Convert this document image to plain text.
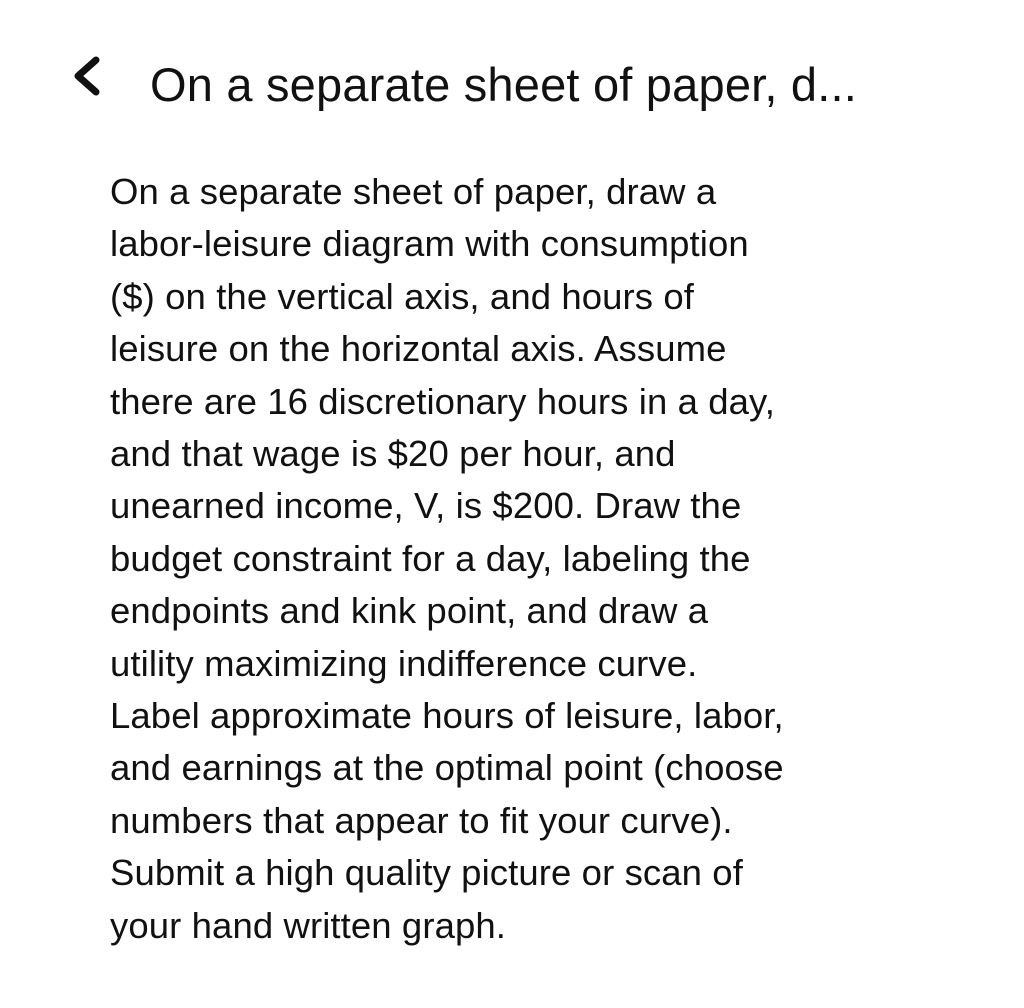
On a separate sheet of paper, d...
On a separate sheet of paper, draw a
labor-leisure diagram with consumption
($) on the vertical axis, and hours of
leisure on the horizontal axis. Assume
there are 16 discretionary hours in a day,
and that wage is $20 per hour, and
unearned income, V, is $200. Draw the
budget constraint for a day, labeling the
endpoints and kink point, and draw a
utility maximizing indifference curve.
Label approximate hours of leisure, labor,
and earnings at the optimal point (choose
numbers that appear to fit your curve).
Submit a high quality picture or scan of
your hand written graph.
